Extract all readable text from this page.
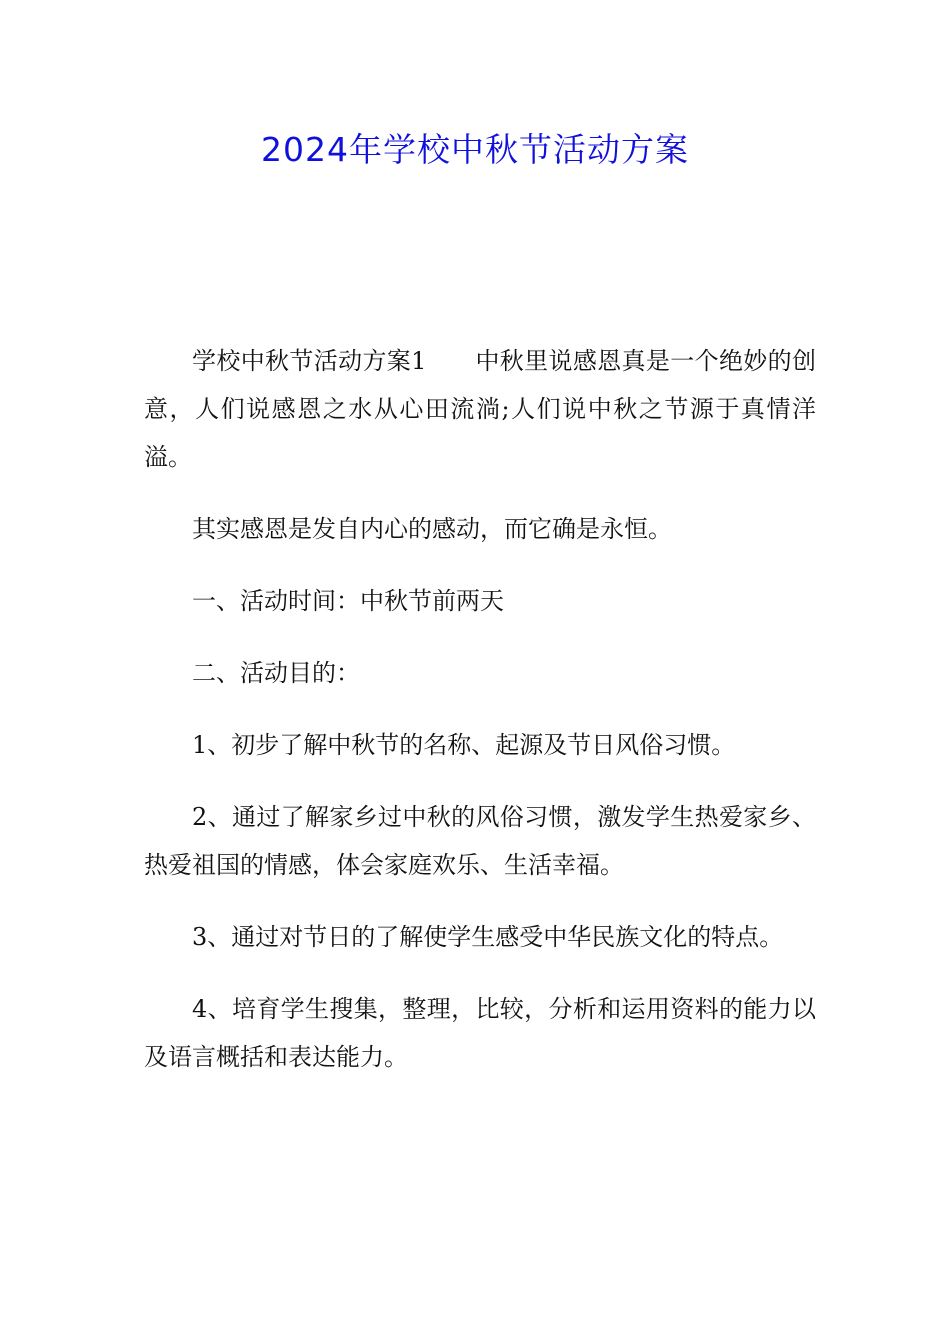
2024年学校中秋节活动方案

学校中秋节活动方案1　　中秋里说感恩真是一个绝妙的创意，人们说感恩之水从心田流淌;人们说中秋之节源于真情洋溢。

其实感恩是发自内心的感动，而它确是永恒。

一、活动时间：中秋节前两天

二、活动目的：

1、初步了解中秋节的名称、起源及节日风俗习惯。

2、通过了解家乡过中秋的风俗习惯，激发学生热爱家乡、热爱祖国的情感，体会家庭欢乐、生活幸福。

3、通过对节日的了解使学生感受中华民族文化的特点。

4、培育学生搜集，整理，比较，分析和运用资料的能力以及语言概括和表达能力。
